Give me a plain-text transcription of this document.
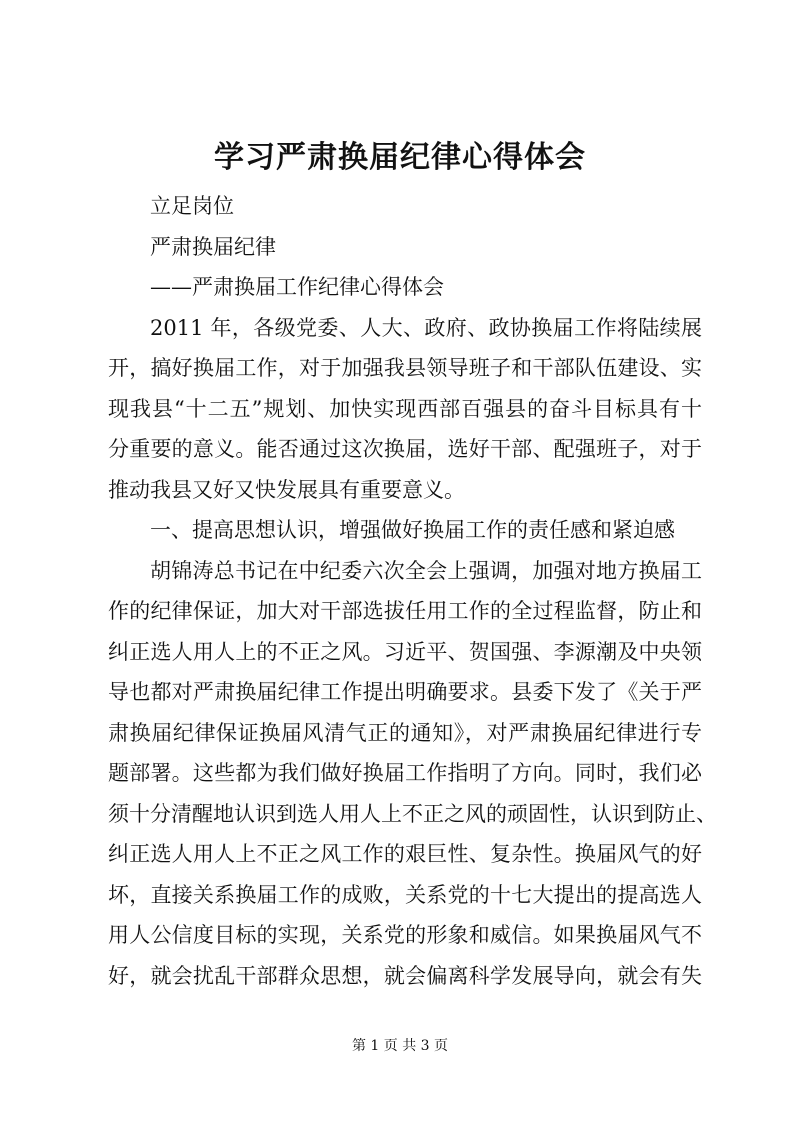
学习严肃换届纪律心得体会
立足岗位
严肃换届纪律
——严肃换届工作纪律心得体会
2011 年，各级党委、人大、政府、政协换届工作将陆续展
开，搞好换届工作，对于加强我县领导班子和干部队伍建设、实
现我县“十二五”规划、加快实现西部百强县的奋斗目标具有十
分重要的意义。能否通过这次换届，选好干部、配强班子，对于
推动我县又好又快发展具有重要意义。
一、提高思想认识，增强做好换届工作的责任感和紧迫感
胡锦涛总书记在中纪委六次全会上强调，加强对地方换届工
作的纪律保证，加大对干部选拔任用工作的全过程监督，防止和
纠正选人用人上的不正之风。习近平、贺国强、李源潮及中央领
导也都对严肃换届纪律工作提出明确要求。县委下发了《关于严
肃换届纪律保证换届风清气正的通知》，对严肃换届纪律进行专
题部署。这些都为我们做好换届工作指明了方向。同时，我们必
须十分清醒地认识到选人用人上不正之风的顽固性，认识到防止、
纠正选人用人上不正之风工作的艰巨性、复杂性。换届风气的好
坏，直接关系换届工作的成败，关系党的十七大提出的提高选人
用人公信度目标的实现，关系党的形象和威信。如果换届风气不
好，就会扰乱干部群众思想，就会偏离科学发展导向，就会有失
第 1 页 共 3 页
